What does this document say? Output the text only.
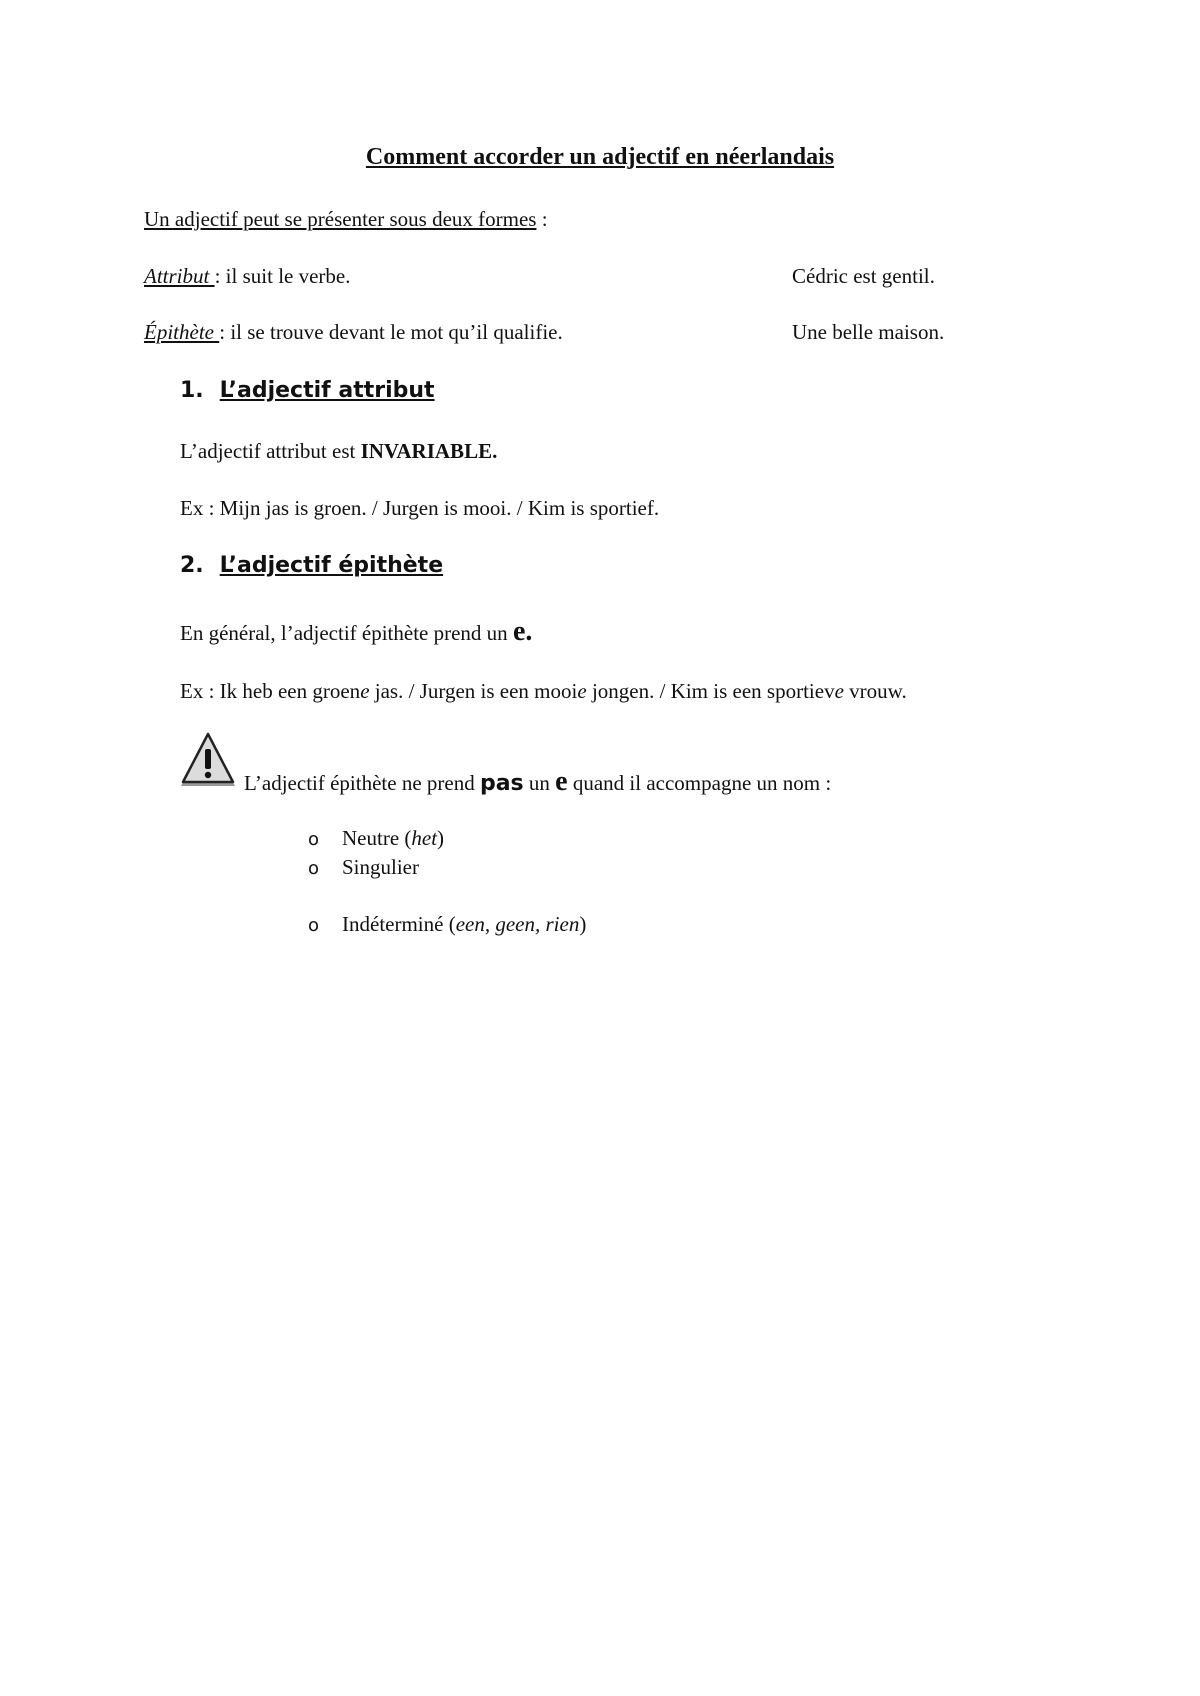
Comment accorder un adjectif en néerlandais
Un adjectif peut se présenter sous deux formes :
Attribut : il suit le verbe.	Cédric est gentil.
Épithète : il se trouve devant le mot qu’il qualifie.	Une belle maison.
1. L’adjectif attribut
L’adjectif attribut est INVARIABLE.
Ex : Mijn jas is groen. / Jurgen is mooi. / Kim is sportief.
2. L’adjectif épithète
En général, l’adjectif épithète prend un e.
Ex : Ik heb een groene jas. / Jurgen is een mooie jongen. / Kim is een sportieve vrouw.
L’adjectif épithète ne prend pas un e quand il accompagne un nom :
o Neutre (het)
o Singulier
o Indéterminé (een, geen, rien)
